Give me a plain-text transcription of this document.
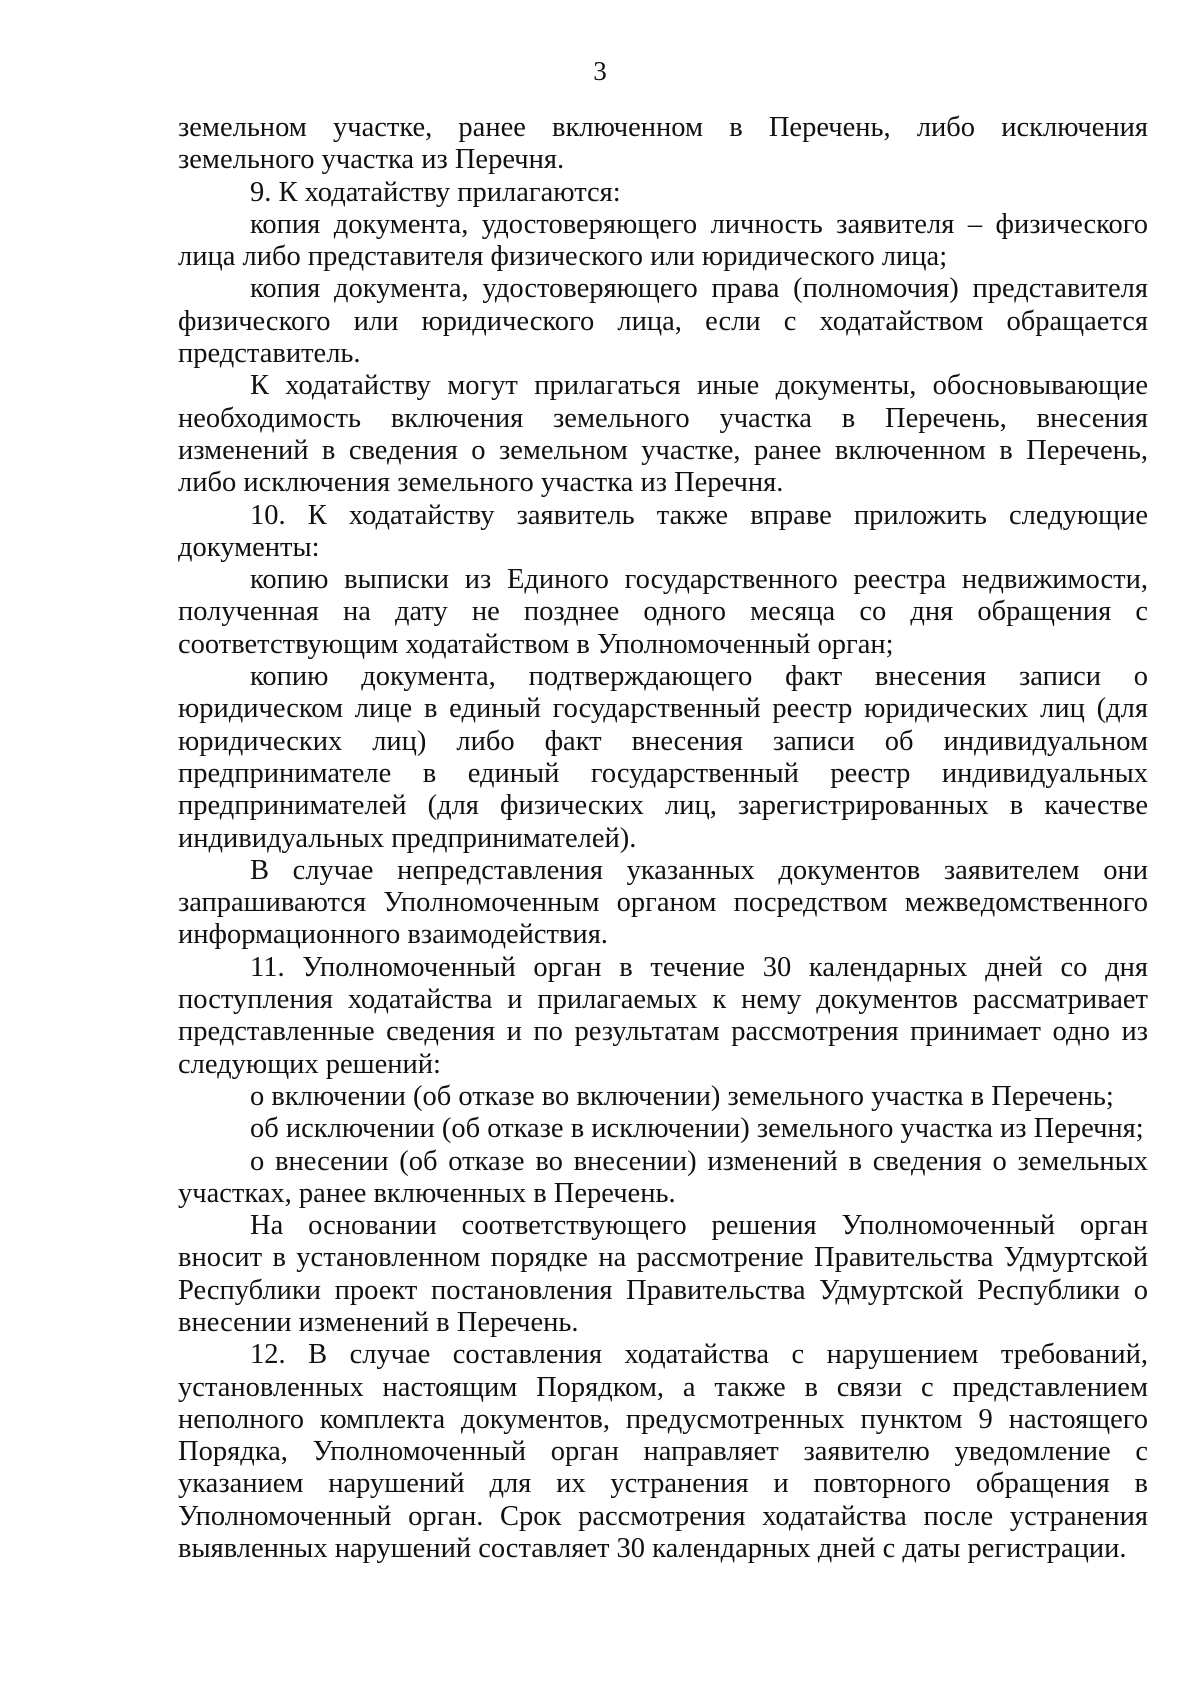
3

земельном участке, ранее включенном в Перечень, либо исключения земельного участка из Перечня.

9. К ходатайству прилагаются:

копия документа, удостоверяющего личность заявителя – физического лица либо представителя физического или юридического лица;

копия документа, удостоверяющего права (полномочия) представителя физического или юридического лица, если с ходатайством обращается представитель.

К ходатайству могут прилагаться иные документы, обосновывающие необходимость включения земельного участка в Перечень, внесения изменений в сведения о земельном участке, ранее включенном в Перечень, либо исключения земельного участка из Перечня.

10. К ходатайству заявитель также вправе приложить следующие документы:

копию выписки из Единого государственного реестра недвижимости, полученная на дату не позднее одного месяца со дня обращения с соответствующим ходатайством в Уполномоченный орган;

копию документа, подтверждающего факт внесения записи о юридическом лице в единый государственный реестр юридических лиц (для юридических лиц) либо факт внесения записи об индивидуальном предпринимателе в единый государственный реестр индивидуальных предпринимателей (для физических лиц, зарегистрированных в качестве индивидуальных предпринимателей).

В случае непредставления указанных документов заявителем они запрашиваются Уполномоченным органом посредством межведомственного информационного взаимодействия.

11. Уполномоченный орган в течение 30 календарных дней со дня поступления ходатайства и прилагаемых к нему документов рассматривает представленные сведения и по результатам рассмотрения принимает одно из следующих решений:

о включении (об отказе во включении) земельного участка в Перечень;

об исключении (об отказе в исключении) земельного участка из Перечня;

о внесении (об отказе во внесении) изменений в сведения о земельных участках, ранее включенных в Перечень.

На основании соответствующего решения Уполномоченный орган вносит в установленном порядке на рассмотрение Правительства Удмуртской Республики проект постановления Правительства Удмуртской Республики о внесении изменений в Перечень.

12. В случае составления ходатайства с нарушением требований, установленных настоящим Порядком, а также в связи с представлением неполного комплекта документов, предусмотренных пунктом 9 настоящего Порядка, Уполномоченный орган направляет заявителю уведомление с указанием нарушений для их устранения и повторного обращения в Уполномоченный орган. Срок рассмотрения ходатайства после устранения выявленных нарушений составляет 30 календарных дней с даты регистрации.
